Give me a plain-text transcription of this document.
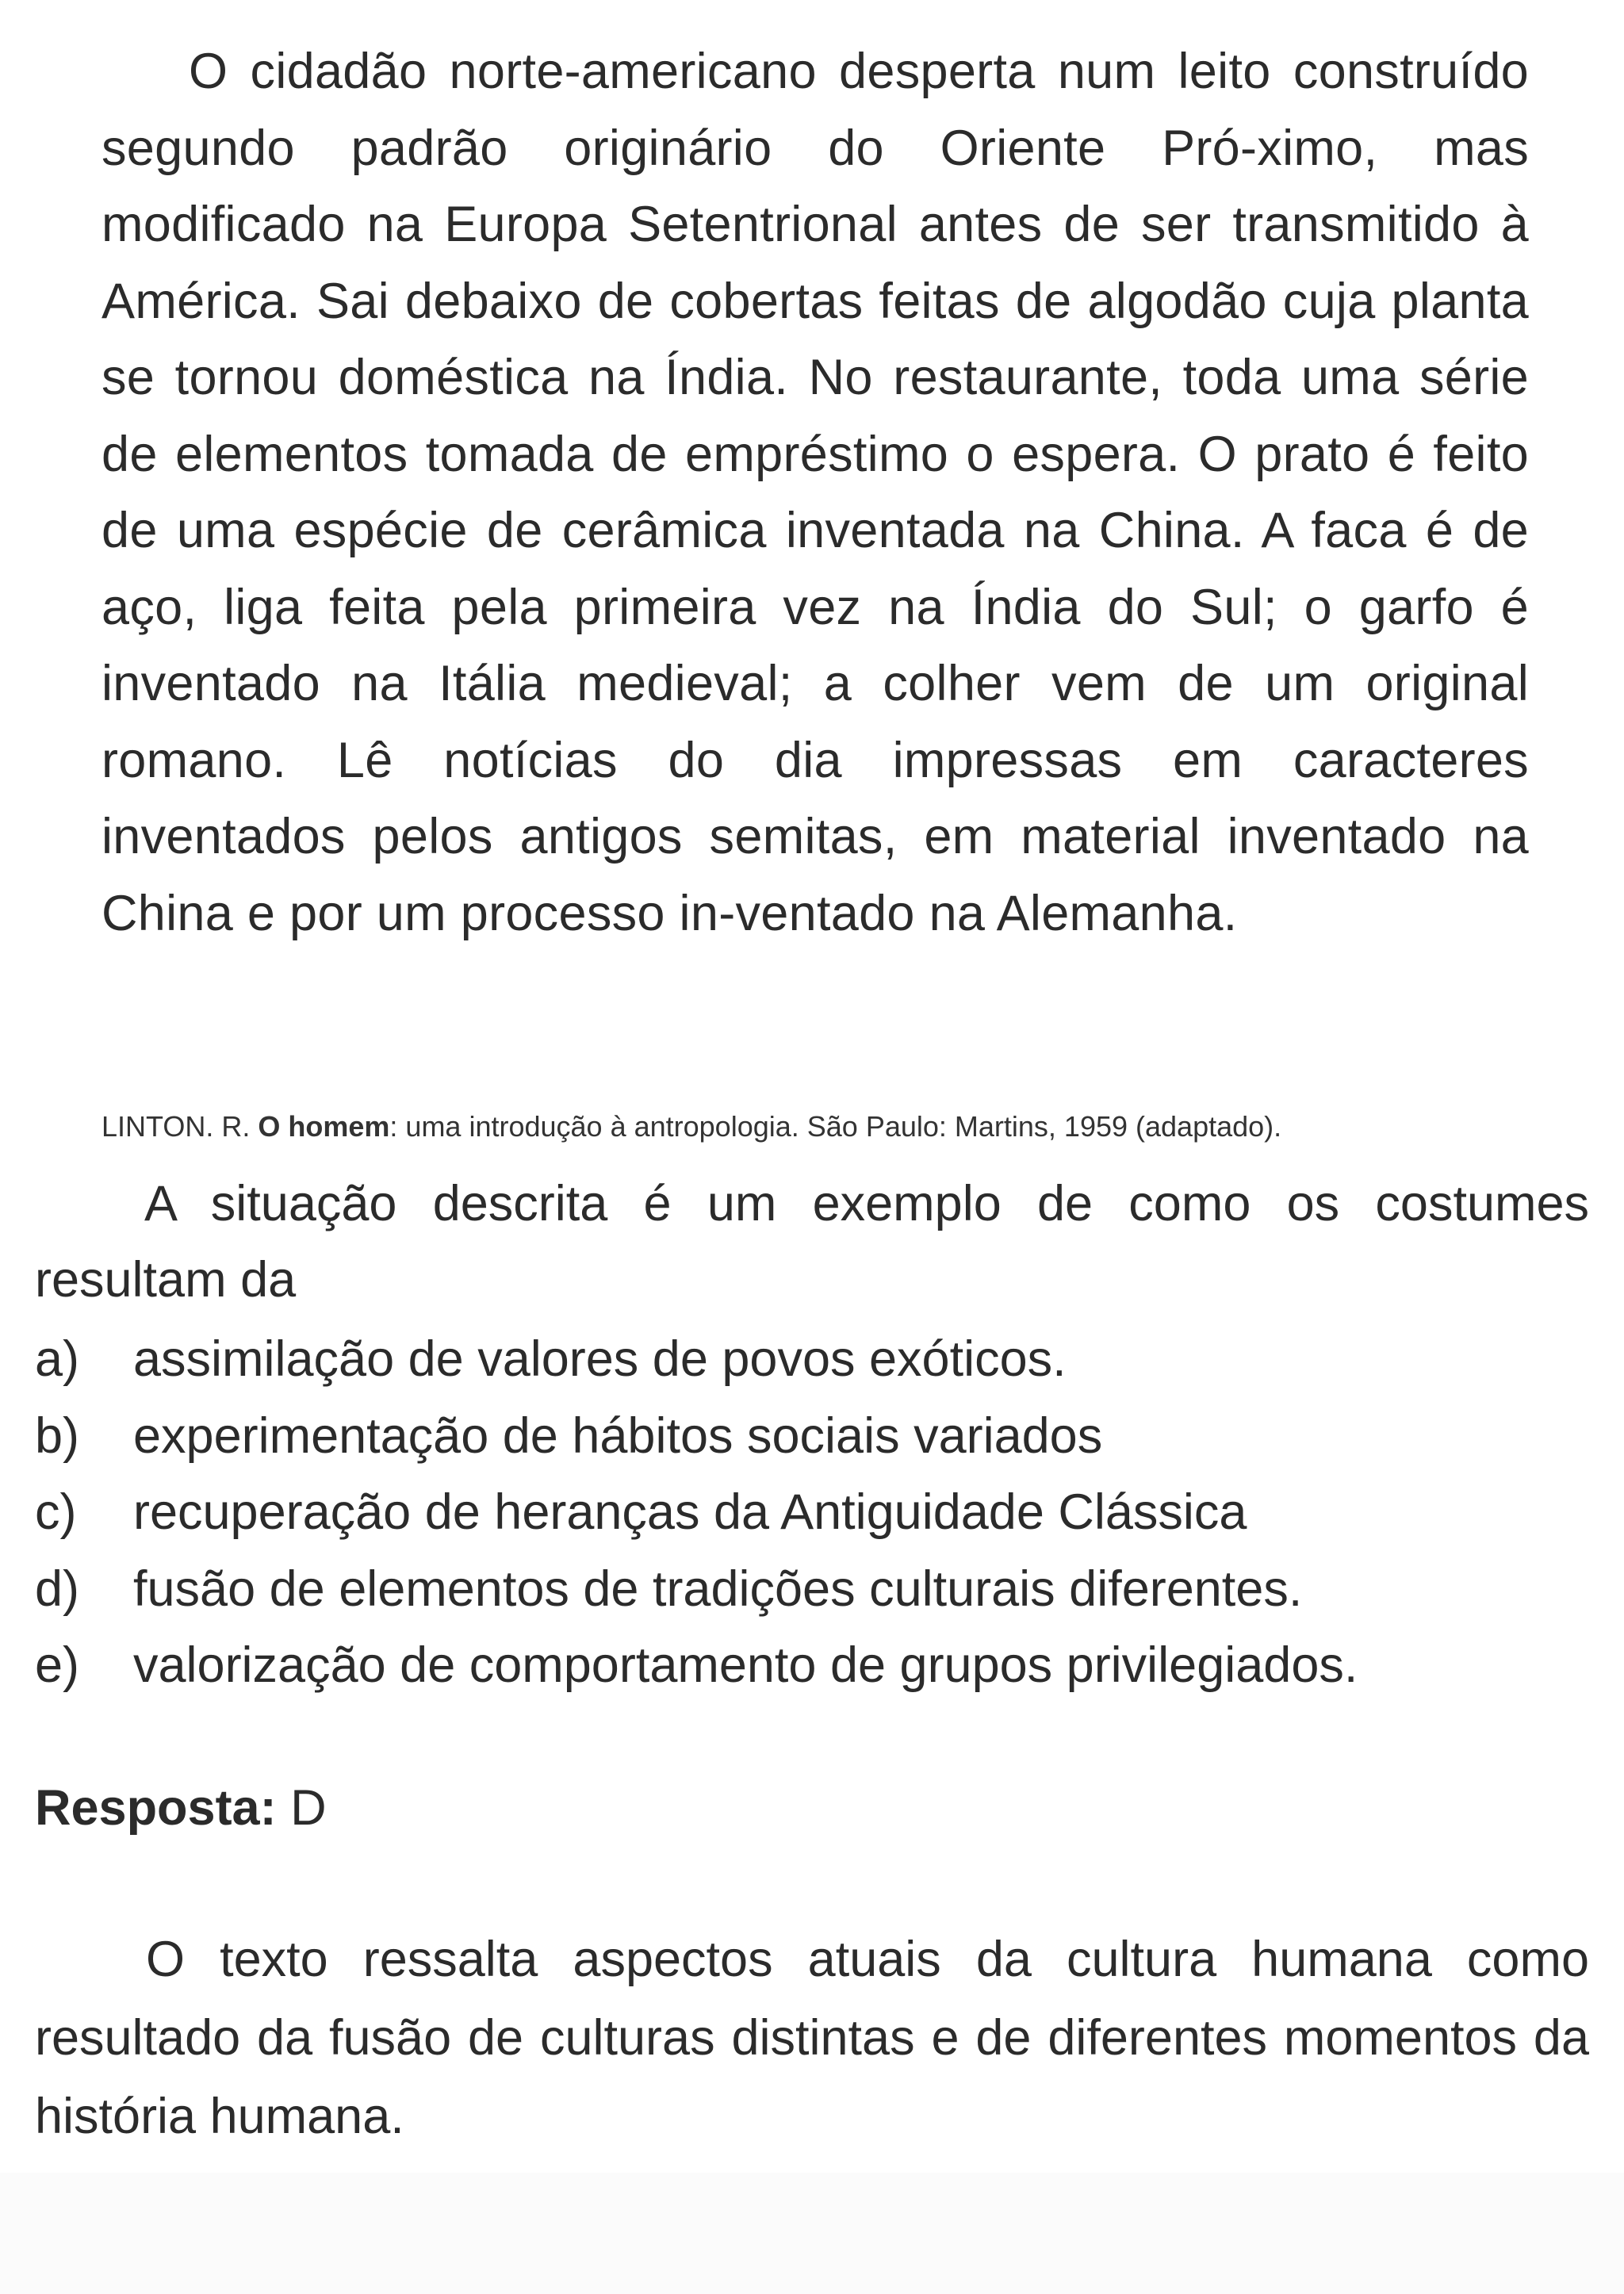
O cidadão norte-americano desperta num leito construído segundo padrão originário do Oriente Pró-ximo, mas modificado na Europa Setentrional antes de ser transmitido à América. Sai debaixo de cobertas feitas de algodão cuja planta se tornou doméstica na Índia. No restaurante, toda uma série de elementos tomada de empréstimo o espera. O prato é feito de uma espécie de cerâmica inventada na China. A faca é de aço, liga feita pela primeira vez na Índia do Sul; o garfo é inventado na Itália medieval; a colher vem de um original romano. Lê notícias do dia impressas em caracteres inventados pelos antigos semitas, em material inventado na China e por um processo in-ventado na Alemanha.

LINTON. R. O homem: uma introdução à antropologia. São Paulo: Martins, 1959 (adaptado).

A situação descrita é um exemplo de como os costumes resultam da

a)	assimilação de valores de povos exóticos.
b)	experimentação de hábitos sociais variados
c)	recuperação de heranças da Antiguidade Clássica
d)	fusão de elementos de tradições culturais diferentes.
e)	valorização de comportamento de grupos privilegiados.
Resposta: D

O texto ressalta aspectos atuais da cultura humana como resultado da fusão de culturas distintas e de diferentes momentos da história humana.
